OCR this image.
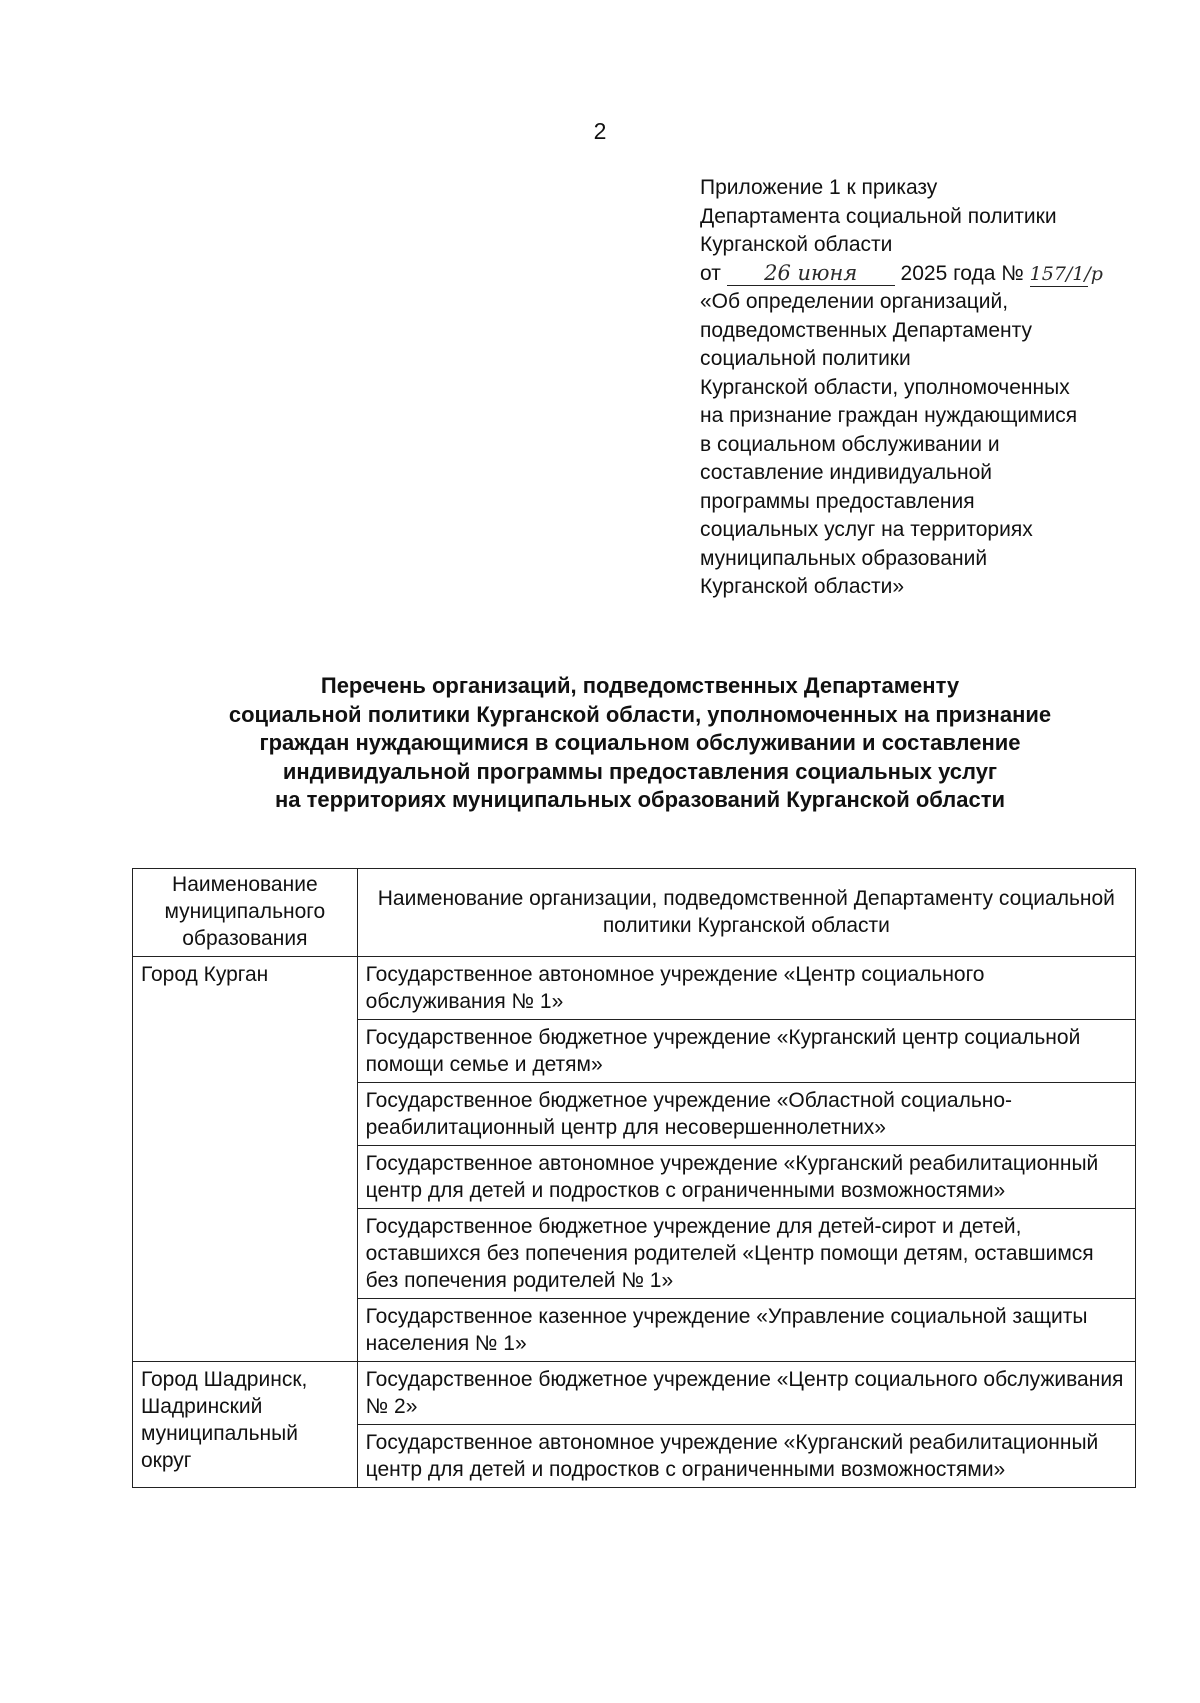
2
Приложение 1 к приказу
Департамента социальной политики
Курганской области
от 26 июня 2025 года № 157/1/р
«Об определении организаций,
подведомственных Департаменту
социальной политики
Курганской области, уполномоченных
на признание граждан нуждающимися
в социальном обслуживании и
составление индивидуальной
программы предоставления
социальных услуг на территориях
муниципальных образований
Курганской области»
Перечень организаций, подведомственных Департаменту
социальной политики Курганской области, уполномоченных на признание
граждан нуждающимися в социальном обслуживании и составление
индивидуальной программы предоставления социальных услуг
на территориях муниципальных образований Курганской области
Наименование муниципального образования	Наименование организации, подведомственной Департаменту социальной политики Курганской области
Город Курган	Государственное автономное учреждение «Центр социального обслуживания № 1»
	Государственное бюджетное учреждение «Курганский центр социальной помощи семье и детям»
	Государственное бюджетное учреждение «Областной социально-реабилитационный центр для несовершеннолетних»
	Государственное автономное учреждение «Курганский реабилитационный центр для детей и подростков с ограниченными возможностями»
	Государственное бюджетное учреждение для детей-сирот и детей, оставшихся без попечения родителей «Центр помощи детям, оставшимся без попечения родителей № 1»
	Государственное казенное учреждение «Управление социальной защиты населения № 1»
Город Шадринск, Шадринский муниципальный округ	Государственное бюджетное учреждение «Центр социального обслуживания № 2»
	Государственное автономное учреждение «Курганский реабилитационный центр для детей и подростков с ограниченными возможностями»
